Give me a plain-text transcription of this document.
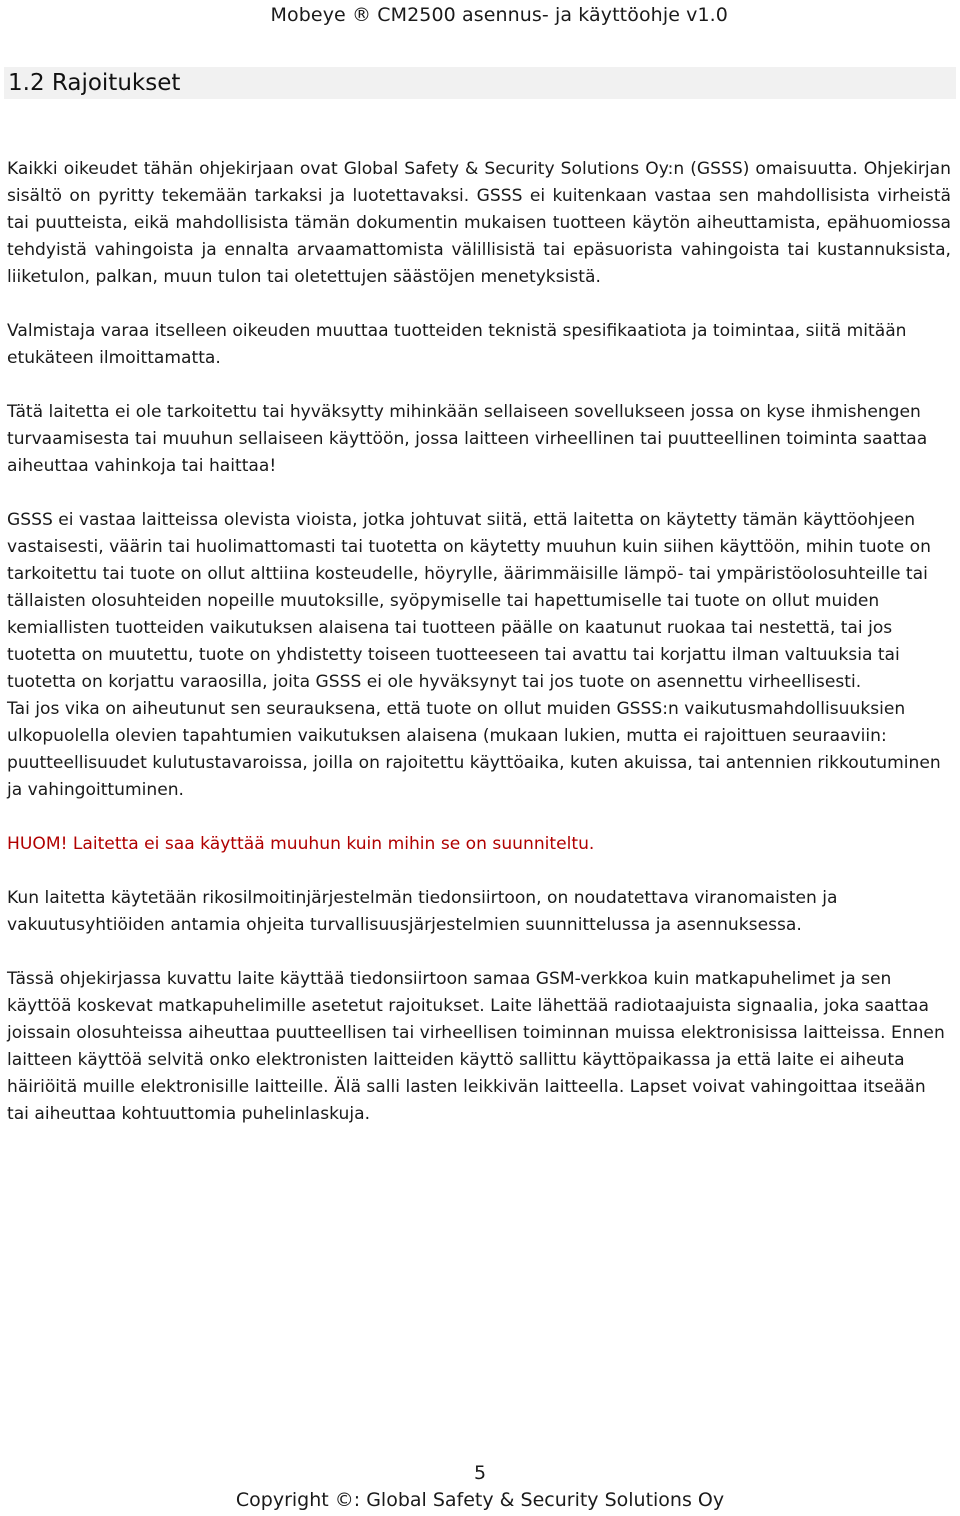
Mobeye ® CM2500 asennus- ja käyttöohje v1.0
1.2 Rajoitukset

Kaikki oikeudet tähän ohjekirjaan ovat Global Safety & Security Solutions Oy:n (GSSS) omaisuutta. Ohjekirjan sisältö on pyritty tekemään tarkaksi ja luotettavaksi. GSSS ei kuitenkaan vastaa sen mahdollisista virheistä tai puutteista, eikä mahdollisista tämän dokumentin mukaisen tuotteen käytön aiheuttamista, epähuomiossa tehdyistä vahingoista ja ennalta arvaamattomista välillisistä tai epäsuorista vahingoista tai kustannuksista, liiketulon, palkan, muun tulon tai oletettujen säästöjen menetyksistä.

Valmistaja varaa itselleen oikeuden muuttaa tuotteiden teknistä spesifikaatiota ja toimintaa, siitä mitään etukäteen ilmoittamatta.

Tätä laitetta ei ole tarkoitettu tai hyväksytty mihinkään sellaiseen sovellukseen jossa on kyse ihmishengen turvaamisesta tai muuhun sellaiseen käyttöön, jossa laitteen virheellinen tai puutteellinen toiminta saattaa aiheuttaa vahinkoja tai haittaa!

GSSS ei vastaa laitteissa olevista vioista, jotka johtuvat siitä, että laitetta on käytetty tämän käyttöohjeen vastaisesti, väärin tai huolimattomasti tai tuotetta on käytetty muuhun kuin siihen käyttöön, mihin tuote on tarkoitettu tai tuote on ollut alttiina kosteudelle, höyrylle, äärimmäisille lämpö- tai ympäristöolosuhteille tai tällaisten olosuhteiden nopeille muutoksille, syöpymiselle tai hapettumiselle tai tuote on ollut muiden kemiallisten tuotteiden vaikutuksen alaisena tai tuotteen päälle on kaatunut ruokaa tai nestettä, tai jos tuotetta on muutettu, tuote on yhdistetty toiseen tuotteeseen tai avattu tai korjattu ilman valtuuksia tai tuotetta on korjattu varaosilla, joita GSSS ei ole hyväksynyt tai jos tuote on asennettu virheellisesti.

Tai jos vika on aiheutunut sen seurauksena, että tuote on ollut muiden GSSS:n vaikutusmahdollisuuksien ulkopuolella olevien tapahtumien vaikutuksen alaisena (mukaan lukien, mutta ei rajoittuen seuraaviin: puutteellisuudet kulutustavaroissa, joilla on rajoitettu käyttöaika, kuten akuissa, tai antennien rikkoutuminen ja vahingoittuminen.

HUOM! Laitetta ei saa käyttää muuhun kuin mihin se on suunniteltu.

Kun laitetta käytetään rikosilmoitinjärjestelmän tiedonsiirtoon, on noudatettava viranomaisten ja vakuutusyhtiöiden antamia ohjeita turvallisuusjärjestelmien suunnittelussa ja asennuksessa.

Tässä ohjekirjassa kuvattu laite käyttää tiedonsiirtoon samaa GSM-verkkoa kuin matkapuhelimet ja sen käyttöä koskevat matkapuhelimille asetetut rajoitukset. Laite lähettää radiotaajuista signaalia, joka saattaa joissain olosuhteissa aiheuttaa puutteellisen tai virheellisen toiminnan muissa elektronisissa laitteissa. Ennen laitteen käyttöä selvitä onko elektronisten laitteiden käyttö sallittu käyttöpaikassa ja että laite ei aiheuta häiriöitä muille elektronisille laitteille. Älä salli lasten leikkivän laitteella. Lapset voivat vahingoittaa itseään tai aiheuttaa kohtuuttomia puhelinlaskuja.

5
Copyright ©: Global Safety & Security Solutions Oy
